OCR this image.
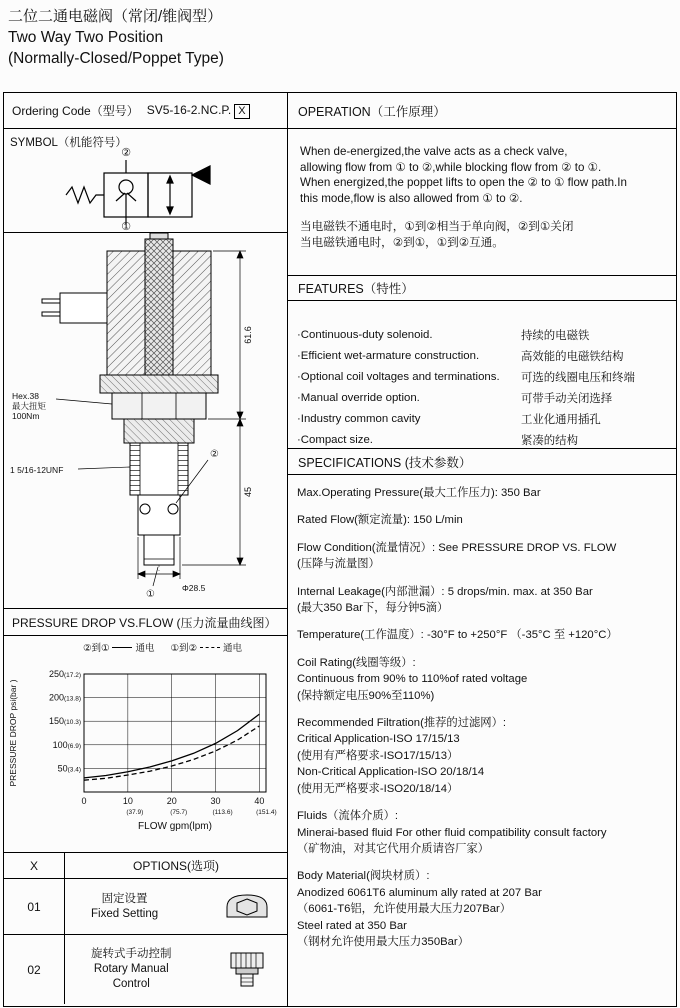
二位二通电磁阀（常闭/锥阀型）
Two Way Two Position
(Normally-Closed/Poppet Type)
Ordering Code（型号） SV5-16-2.NC.P. X
SYMBOL（机能符号）
②
①
61.6
45
Hex.38
最大扭矩
100Nm
1 5/16-12UNF
②
①
Φ28.5
PRESSURE DROP VS.FLOW (压力流量曲线图）
②到①	通电 ①到②	通电
50(3.4)
100(6.9)
150(10.3)
200(13.8)
250(17.2)
0	10
(37.9)
20
(75.7)
30
(113.6)
40
(151.4)
FLOW gpm(lpm)
PRESSURE DROP psi(bar )
X	OPTIONS(选项)
01
固定设置
Fixed Setting
02
旋转式手动控制
Rotary Manual
Control
OPERATION（工作原理）
When de-energized,the valve acts as a check valve,
allowing flow from ① to ②,while blocking flow from ② to ①.
When energized,the poppet lifts to open the ② to ① flow path.In
this mode,flow is also allowed from ① to ②.
当电磁铁不通电时，①到②相当于单向阀，②到①关闭
当电磁铁通电时，②到①，①到②互通。
FEATURES（特性）
·Continuous-duty solenoid.	持续的电磁铁
·Efficient wet-armature construction.	高效能的电磁铁结构
·Optional coil voltages and terminations.	可选的线圈电压和终端
·Manual override option.	可带手动关闭选择
·Industry common cavity	工业化通用插孔
·Compact size.	紧凑的结构
SPECIFICATIONS (技术参数）
Max.Operating Pressure(最大工作压力): 350 Bar
Rated Flow(额定流量): 150 L/min
Flow Condition(流量情况）: See PRESSURE DROP VS. FLOW
(压降与流量图）
Internal Leakage(内部泄漏）: 5 drops/min. max. at 350 Bar
(最大350 Bar下，每分钟5滴）
Temperature(工作温度）: -30°F to +250°F （-35°C 至 +120°C）
Coil Rating(线圈等级）:
Continuous from 90% to 110%of rated voltage
(保持额定电压90%至110%)
Recommended Filtration(推荐的过滤网）:
Critical Application-ISO 17/15/13
(使用有严格要求-ISO17/15/13）
Non-Critical Application-ISO 20/18/14
(使用无严格要求-ISO20/18/14）
Fluids（流体介质）:
Minerai-based fluid For other fluid compatibility consult factory
（矿物油，对其它代用介质请咨厂家）
Body Material(阀块材质）:
Anodized 6061T6 aluminum ally rated at 207 Bar
（6061-T6铝，允许使用最大压力207Bar）
Steel rated at 350 Bar
（钢材允许使用最大压力350Bar）
